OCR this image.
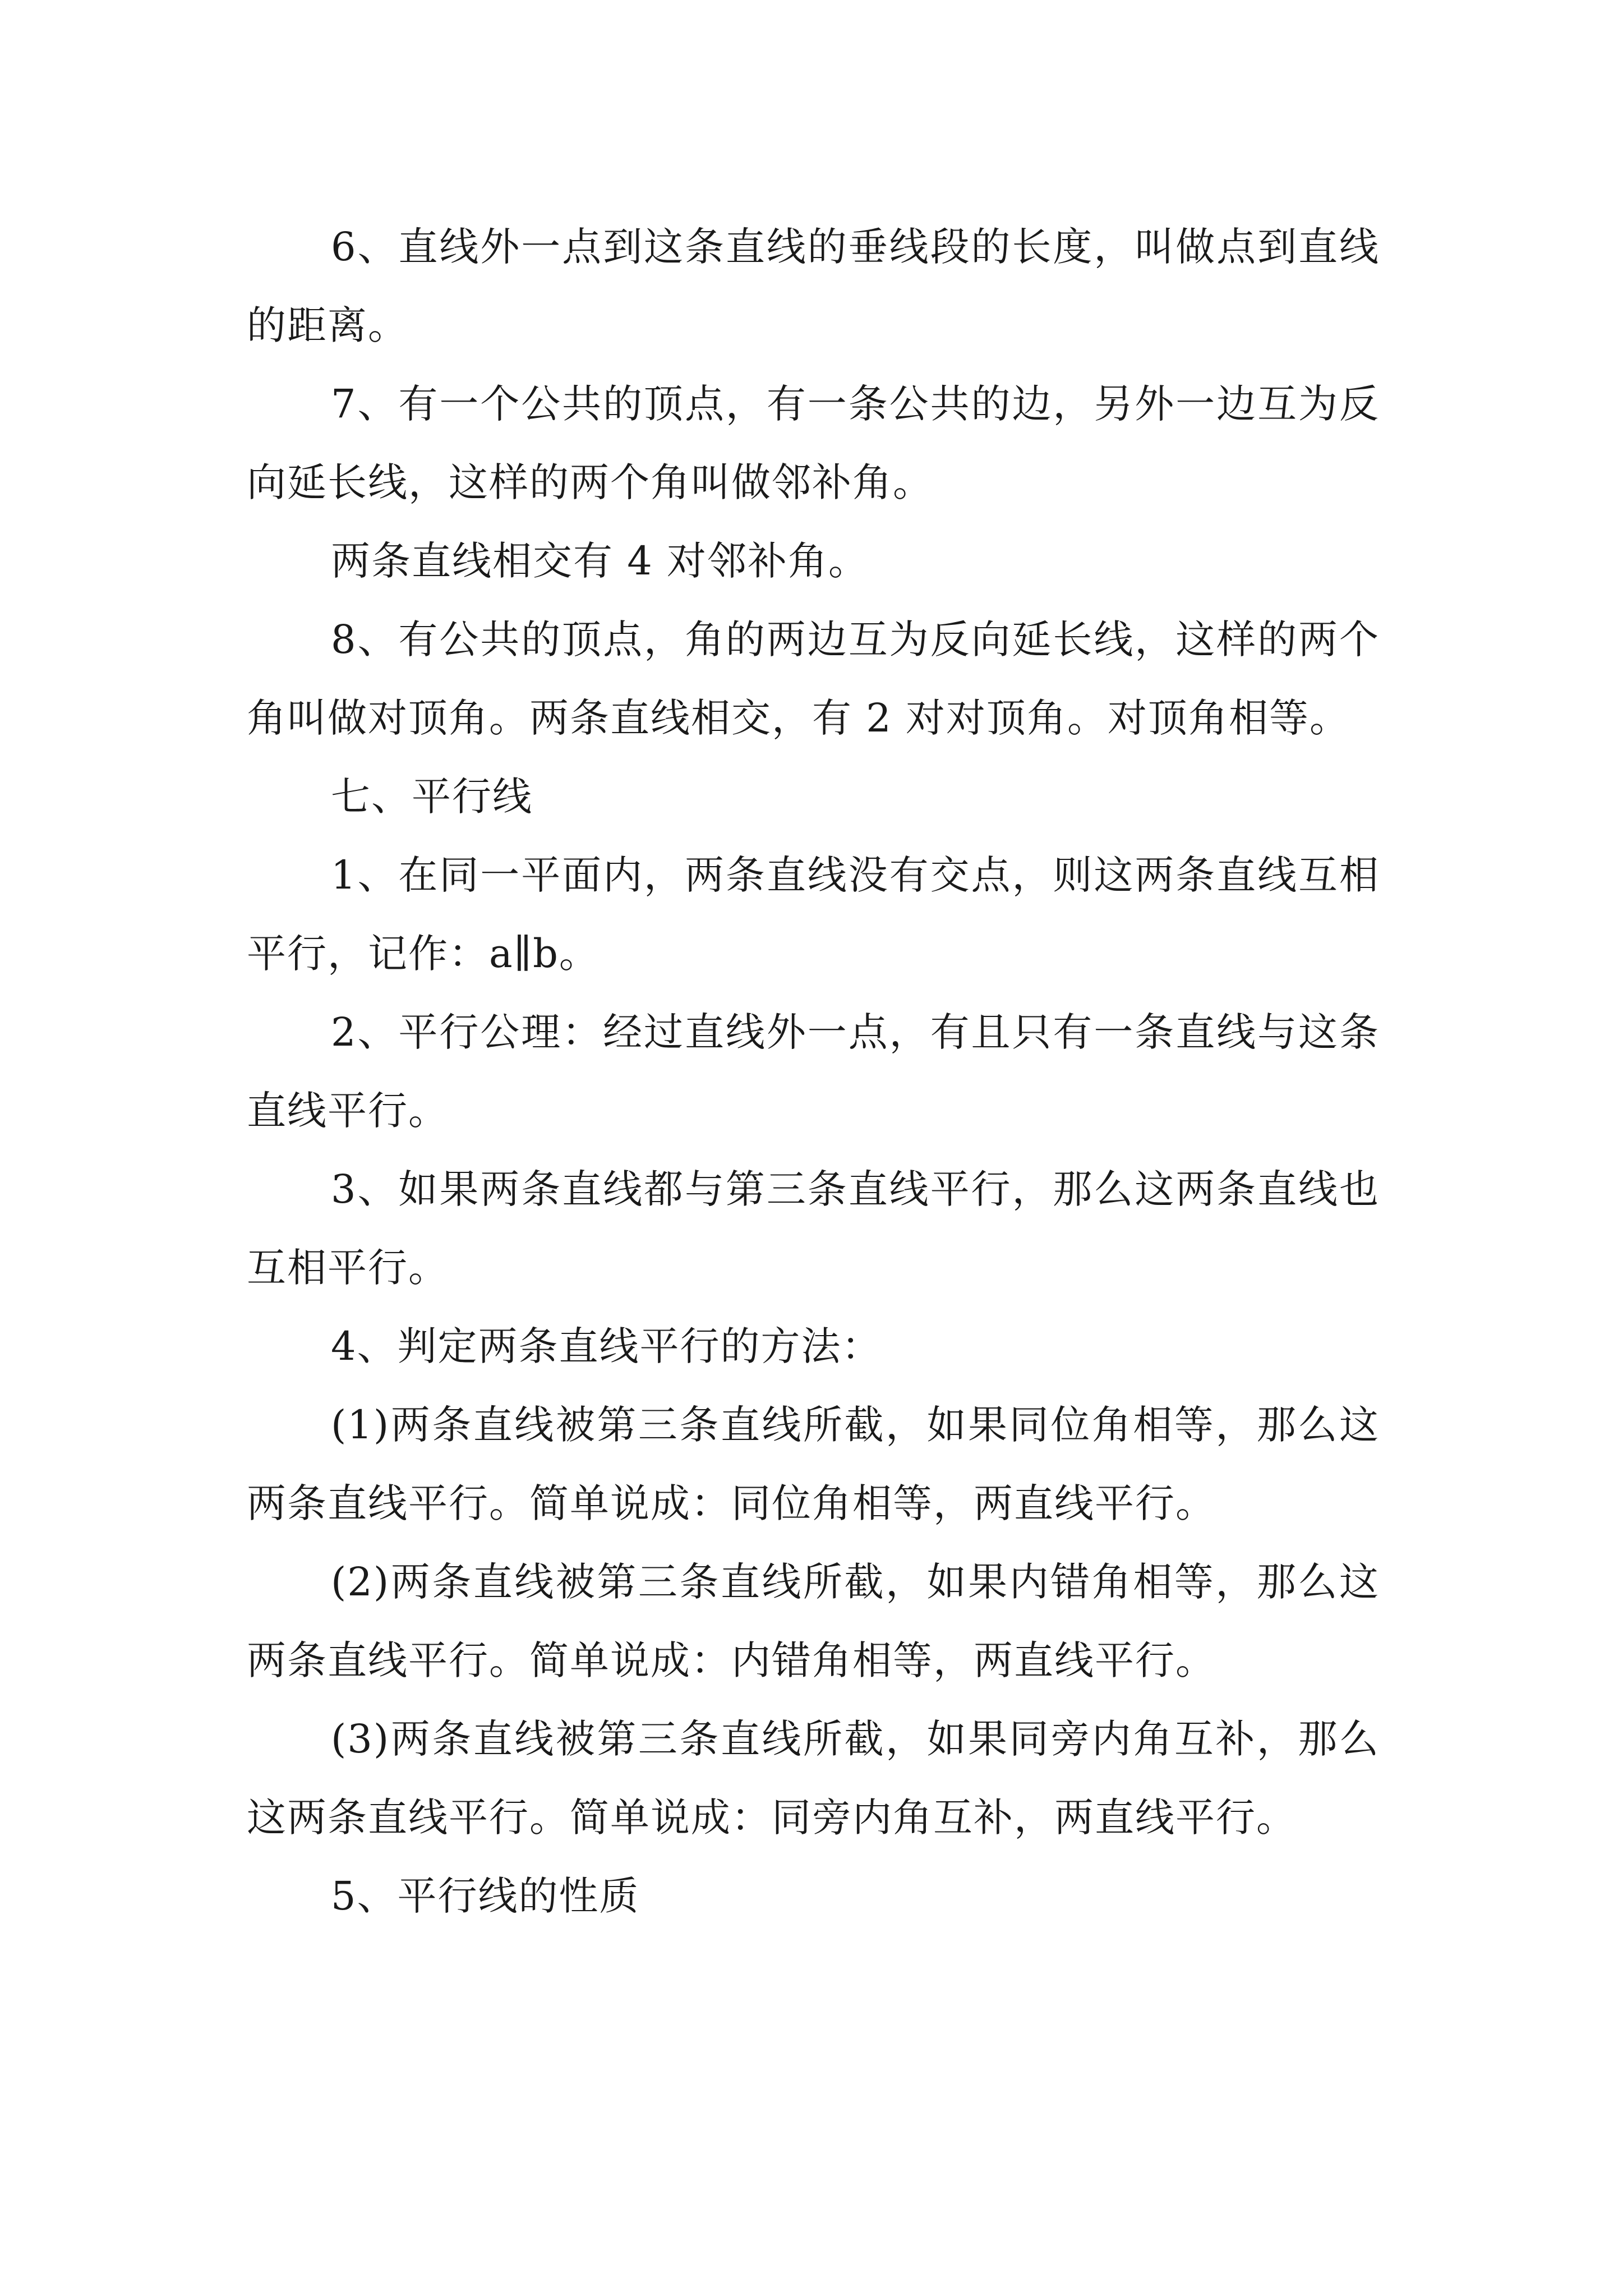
6、直线外一点到这条直线的垂线段的长度，叫做点到直线的距离。

7、有一个公共的顶点，有一条公共的边，另外一边互为反向延长线，这样的两个角叫做邻补角。

两条直线相交有 4 对邻补角。

8、有公共的顶点，角的两边互为反向延长线，这样的两个角叫做对顶角。两条直线相交，有 2 对对顶角。对顶角相等。

七、平行线

1、在同一平面内，两条直线没有交点，则这两条直线互相平行，记作：a∥b。

2、平行公理：经过直线外一点，有且只有一条直线与这条直线平行。

3、如果两条直线都与第三条直线平行，那么这两条直线也互相平行。

4、判定两条直线平行的方法：

(1)两条直线被第三条直线所截，如果同位角相等，那么这两条直线平行。简单说成：同位角相等，两直线平行。

(2)两条直线被第三条直线所截，如果内错角相等，那么这两条直线平行。简单说成：内错角相等，两直线平行。

(3)两条直线被第三条直线所截，如果同旁内角互补，那么这两条直线平行。简单说成：同旁内角互补，两直线平行。

5、平行线的性质
